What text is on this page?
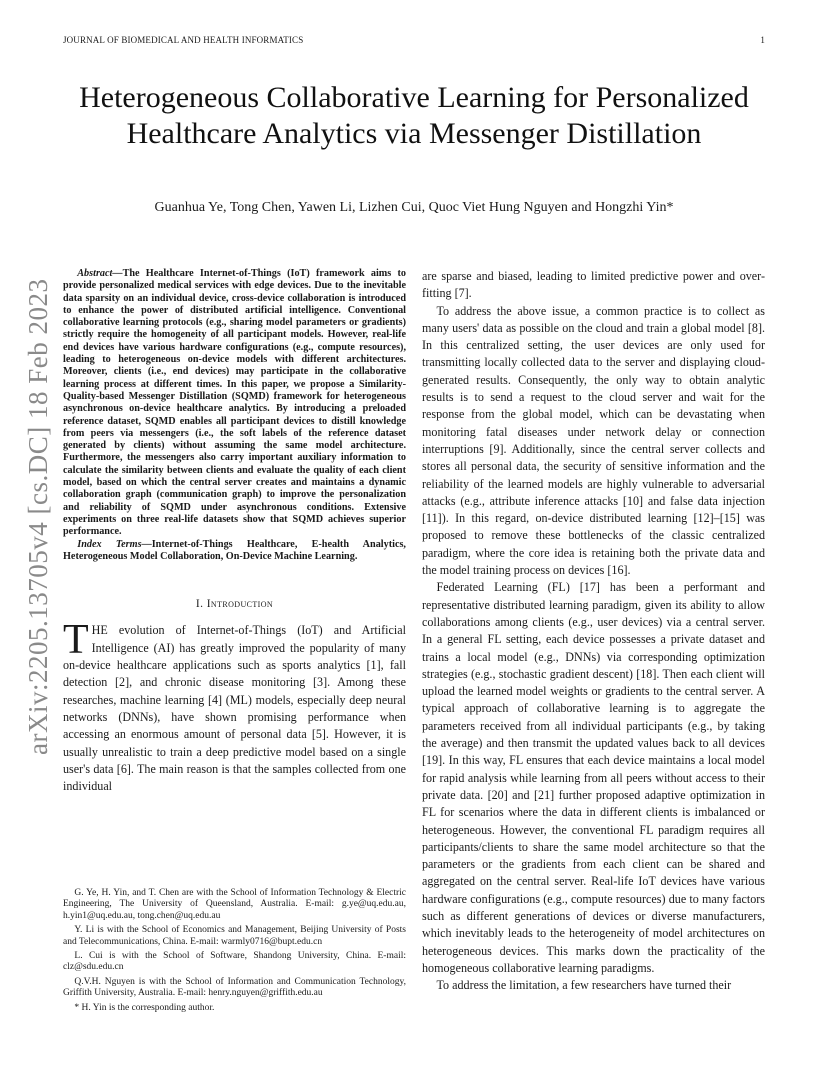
JOURNAL OF BIOMEDICAL AND HEALTH INFORMATICS	1
Heterogeneous Collaborative Learning for Personalized Healthcare Analytics via Messenger Distillation
Guanhua Ye, Tong Chen, Yawen Li, Lizhen Cui, Quoc Viet Hung Nguyen and Hongzhi Yin*
arXiv:2205.13705v4 [cs.DC] 18 Feb 2023

Abstract—The Healthcare Internet-of-Things (IoT) framework aims to provide personalized medical services with edge devices. Due to the inevitable data sparsity on an individual device, cross-device collaboration is introduced to enhance the power of distributed artificial intelligence. Conventional collaborative learning protocols (e.g., sharing model parameters or gradients) strictly require the homogeneity of all participant models. However, real-life end devices have various hardware configurations (e.g., compute resources), leading to heterogeneous on-device models with different architectures. Moreover, clients (i.e., end devices) may participate in the collaborative learning process at different times. In this paper, we propose a Similarity-Quality-based Messenger Distillation (SQMD) framework for heterogeneous asynchronous on-device healthcare analytics. By introducing a preloaded reference dataset, SQMD enables all participant devices to distill knowledge from peers via messengers (i.e., the soft labels of the reference dataset generated by clients) without assuming the same model architecture. Furthermore, the messengers also carry important auxiliary information to calculate the similarity between clients and evaluate the quality of each client model, based on which the central server creates and maintains a dynamic collaboration graph (communication graph) to improve the personalization and reliability of SQMD under asynchronous conditions. Extensive experiments on three real-life datasets show that SQMD achieves superior performance.

Index Terms—Internet-of-Things Healthcare, E-health Analytics, Heterogeneous Model Collaboration, On-Device Machine Learning.

I. Introduction

THE evolution of Internet-of-Things (IoT) and Artificial Intelligence (AI) has greatly improved the popularity of many on-device healthcare applications such as sports analytics [1], fall detection [2], and chronic disease monitoring [3]. Among these researches, machine learning [4] (ML) models, especially deep neural networks (DNNs), have shown promising performance when accessing an enormous amount of personal data [5]. However, it is usually unrealistic to train a deep predictive model based on a single user's data [6]. The main reason is that the samples collected from one individual

G. Ye, H. Yin, and T. Chen are with the School of Information Technology & Electric Engineering, The University of Queensland, Australia. E-mail: g.ye@uq.edu.au, h.yin1@uq.edu.au, tong.chen@uq.edu.au

Y. Li is with the School of Economics and Management, Beijing University of Posts and Telecommunications, China. E-mail: warmly0716@bupt.edu.cn

L. Cui is with the School of Software, Shandong University, China. E-mail: clz@sdu.edu.cn

Q.V.H. Nguyen is with the School of Information and Communication Technology, Griffith University, Australia. E-mail: henry.nguyen@griffith.edu.au

* H. Yin is the corresponding author.

are sparse and biased, leading to limited predictive power and over-fitting [7].

To address the above issue, a common practice is to collect as many users' data as possible on the cloud and train a global model [8]. In this centralized setting, the user devices are only used for transmitting locally collected data to the server and displaying cloud-generated results. Consequently, the only way to obtain analytic results is to send a request to the cloud server and wait for the response from the global model, which can be devastating when monitoring fatal diseases under network delay or connection interruptions [9]. Additionally, since the central server collects and stores all personal data, the security of sensitive information and the reliability of the learned models are highly vulnerable to adversarial attacks (e.g., attribute inference attacks [10] and false data injection [11]). In this regard, on-device distributed learning [12]–[15] was proposed to remove these bottlenecks of the classic centralized paradigm, where the core idea is retaining both the private data and the model training process on devices [16].

Federated Learning (FL) [17] has been a performant and representative distributed learning paradigm, given its ability to allow collaborations among clients (e.g., user devices) via a central server. In a general FL setting, each device possesses a private dataset and trains a local model (e.g., DNNs) via corresponding optimization strategies (e.g., stochastic gradient descent) [18]. Then each client will upload the learned model weights or gradients to the central server. A typical approach of collaborative learning is to aggregate the parameters received from all individual participants (e.g., by taking the average) and then transmit the updated values back to all devices [19]. In this way, FL ensures that each device maintains a local model for rapid analysis while learning from all peers without access to their private data. [20] and [21] further proposed adaptive optimization in FL for scenarios where the data in different clients is imbalanced or heterogeneous. However, the conventional FL paradigm requires all participants/clients to share the same model architecture so that the parameters or the gradients from each client can be shared and aggregated on the central server. Real-life IoT devices have various hardware configurations (e.g., compute resources) due to many factors such as different generations of devices or diverse manufacturers, which inevitably leads to the heterogeneity of model architectures on heterogeneous devices. This marks down the practicality of the homogeneous collaborative learning paradigms.

To address the limitation, a few researchers have turned their
